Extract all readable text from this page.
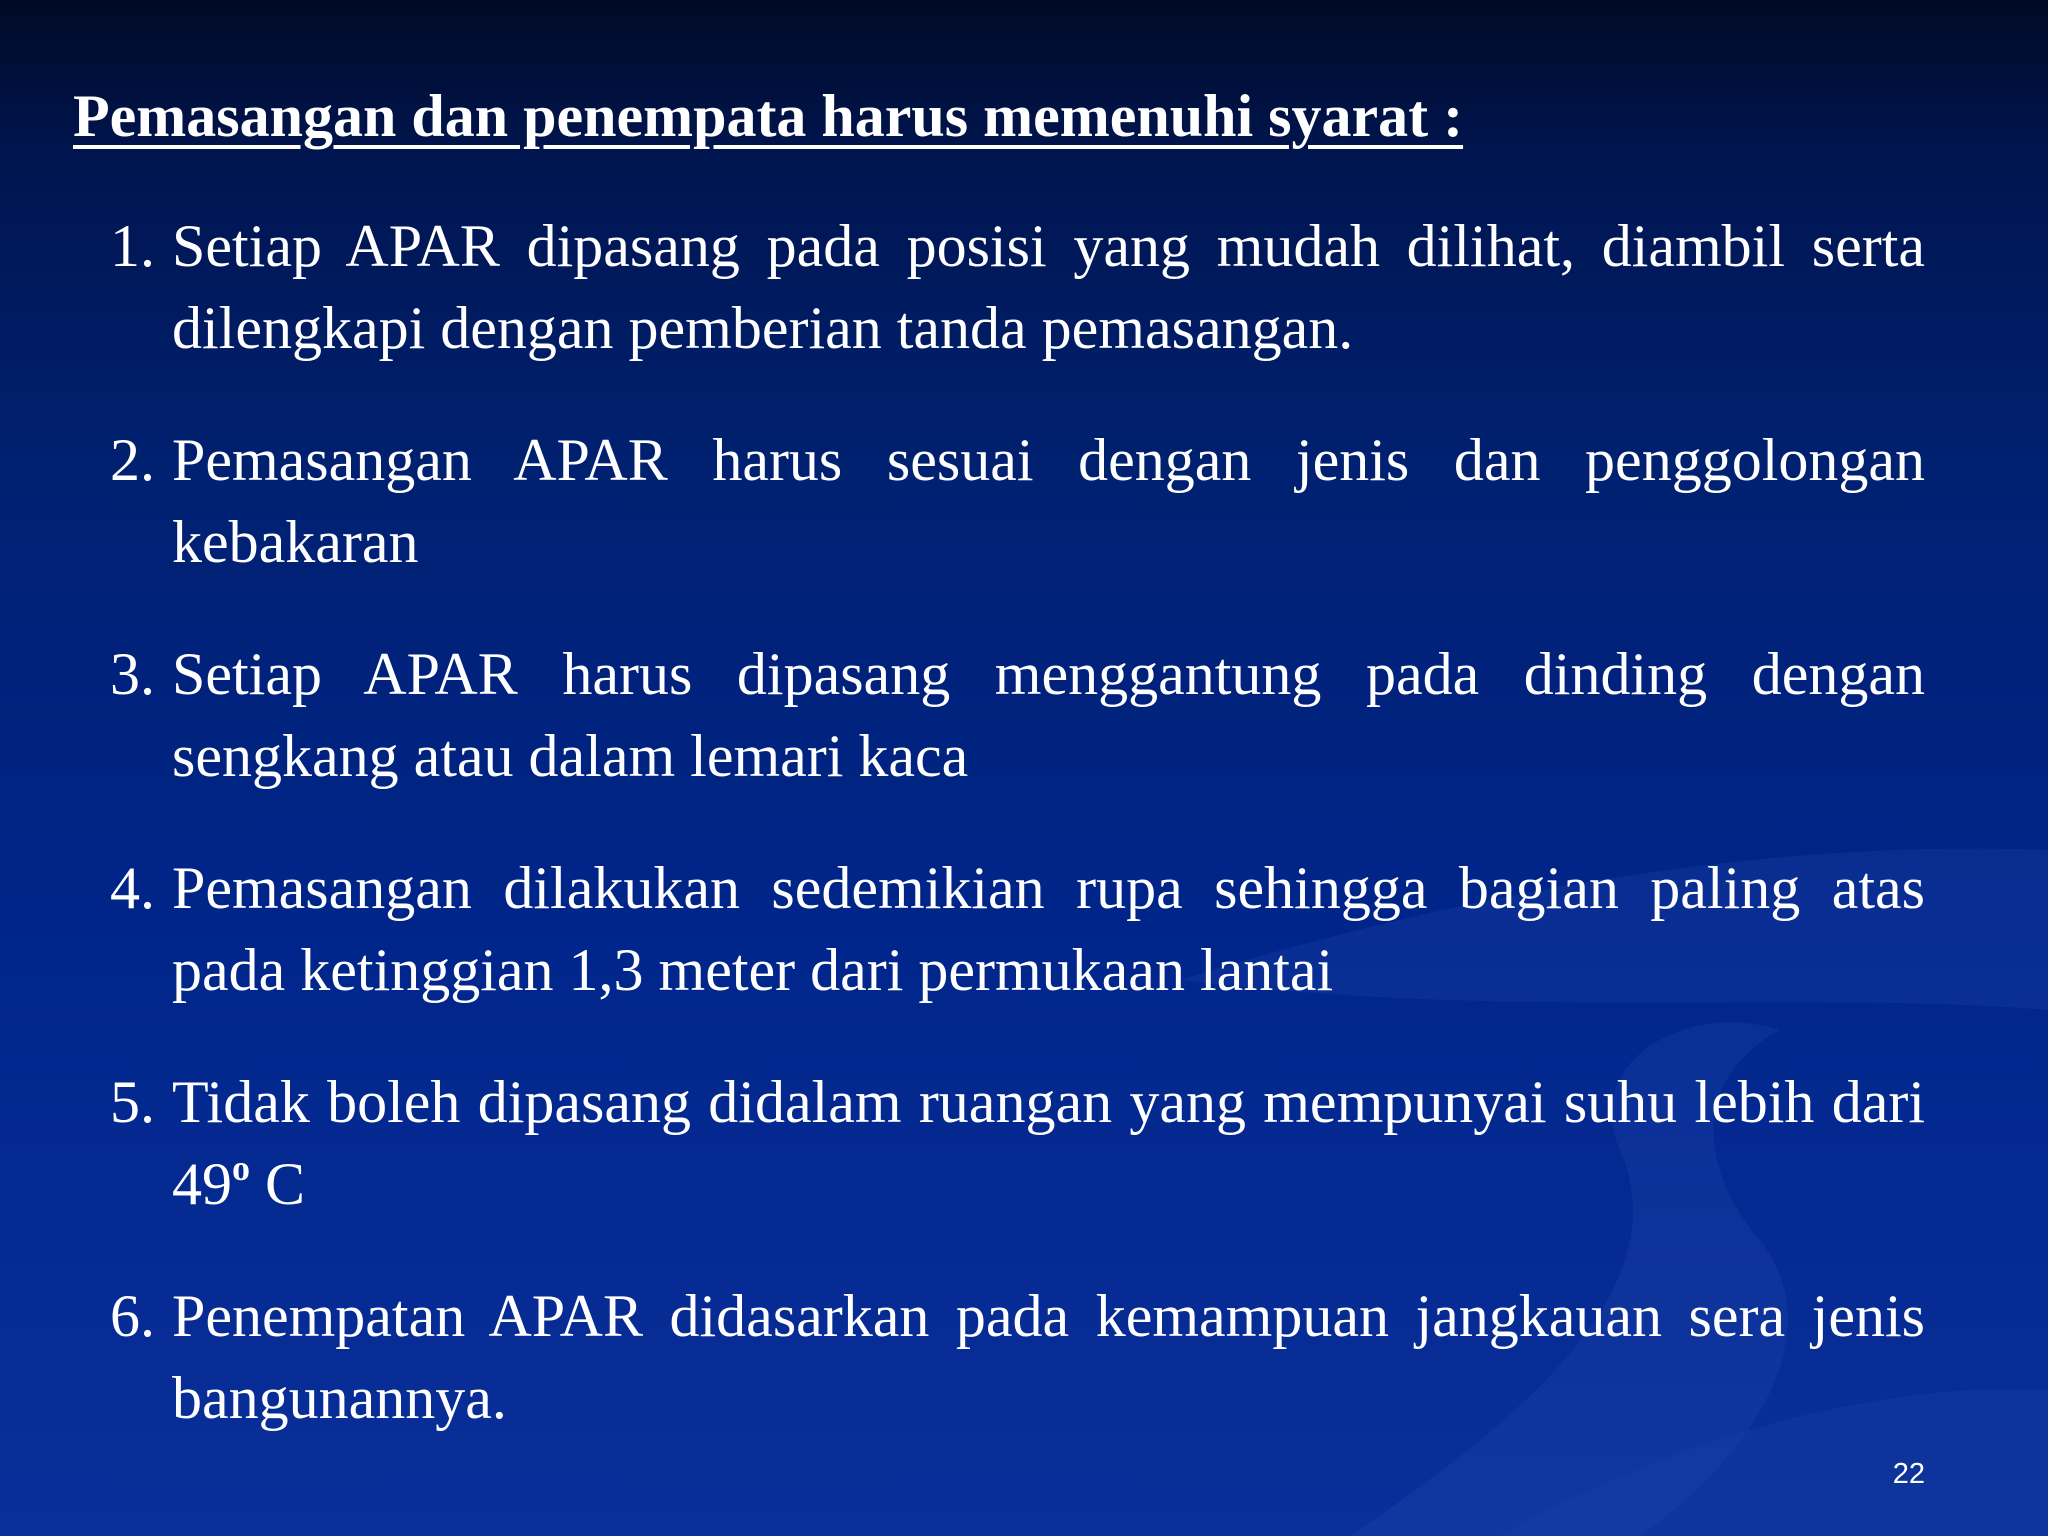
Pemasangan dan penempata harus memenuhi syarat :
1. Setiap APAR dipasang pada posisi yang mudah dilihat, diambil serta dilengkapi dengan pemberian tanda pemasangan.
2. Pemasangan APAR harus sesuai dengan jenis dan penggolongan kebakaran
3. Setiap APAR harus dipasang menggantung pada dinding dengan sengkang atau dalam lemari kaca
4. Pemasangan dilakukan sedemikian rupa sehingga bagian paling atas pada ketinggian 1,3 meter dari permukaan lantai
5. Tidak boleh dipasang didalam ruangan yang mempunyai suhu lebih dari 49$^o$ C
6. Penempatan APAR didasarkan pada kemampuan jangkauan sera jenis bangunannya.
22
